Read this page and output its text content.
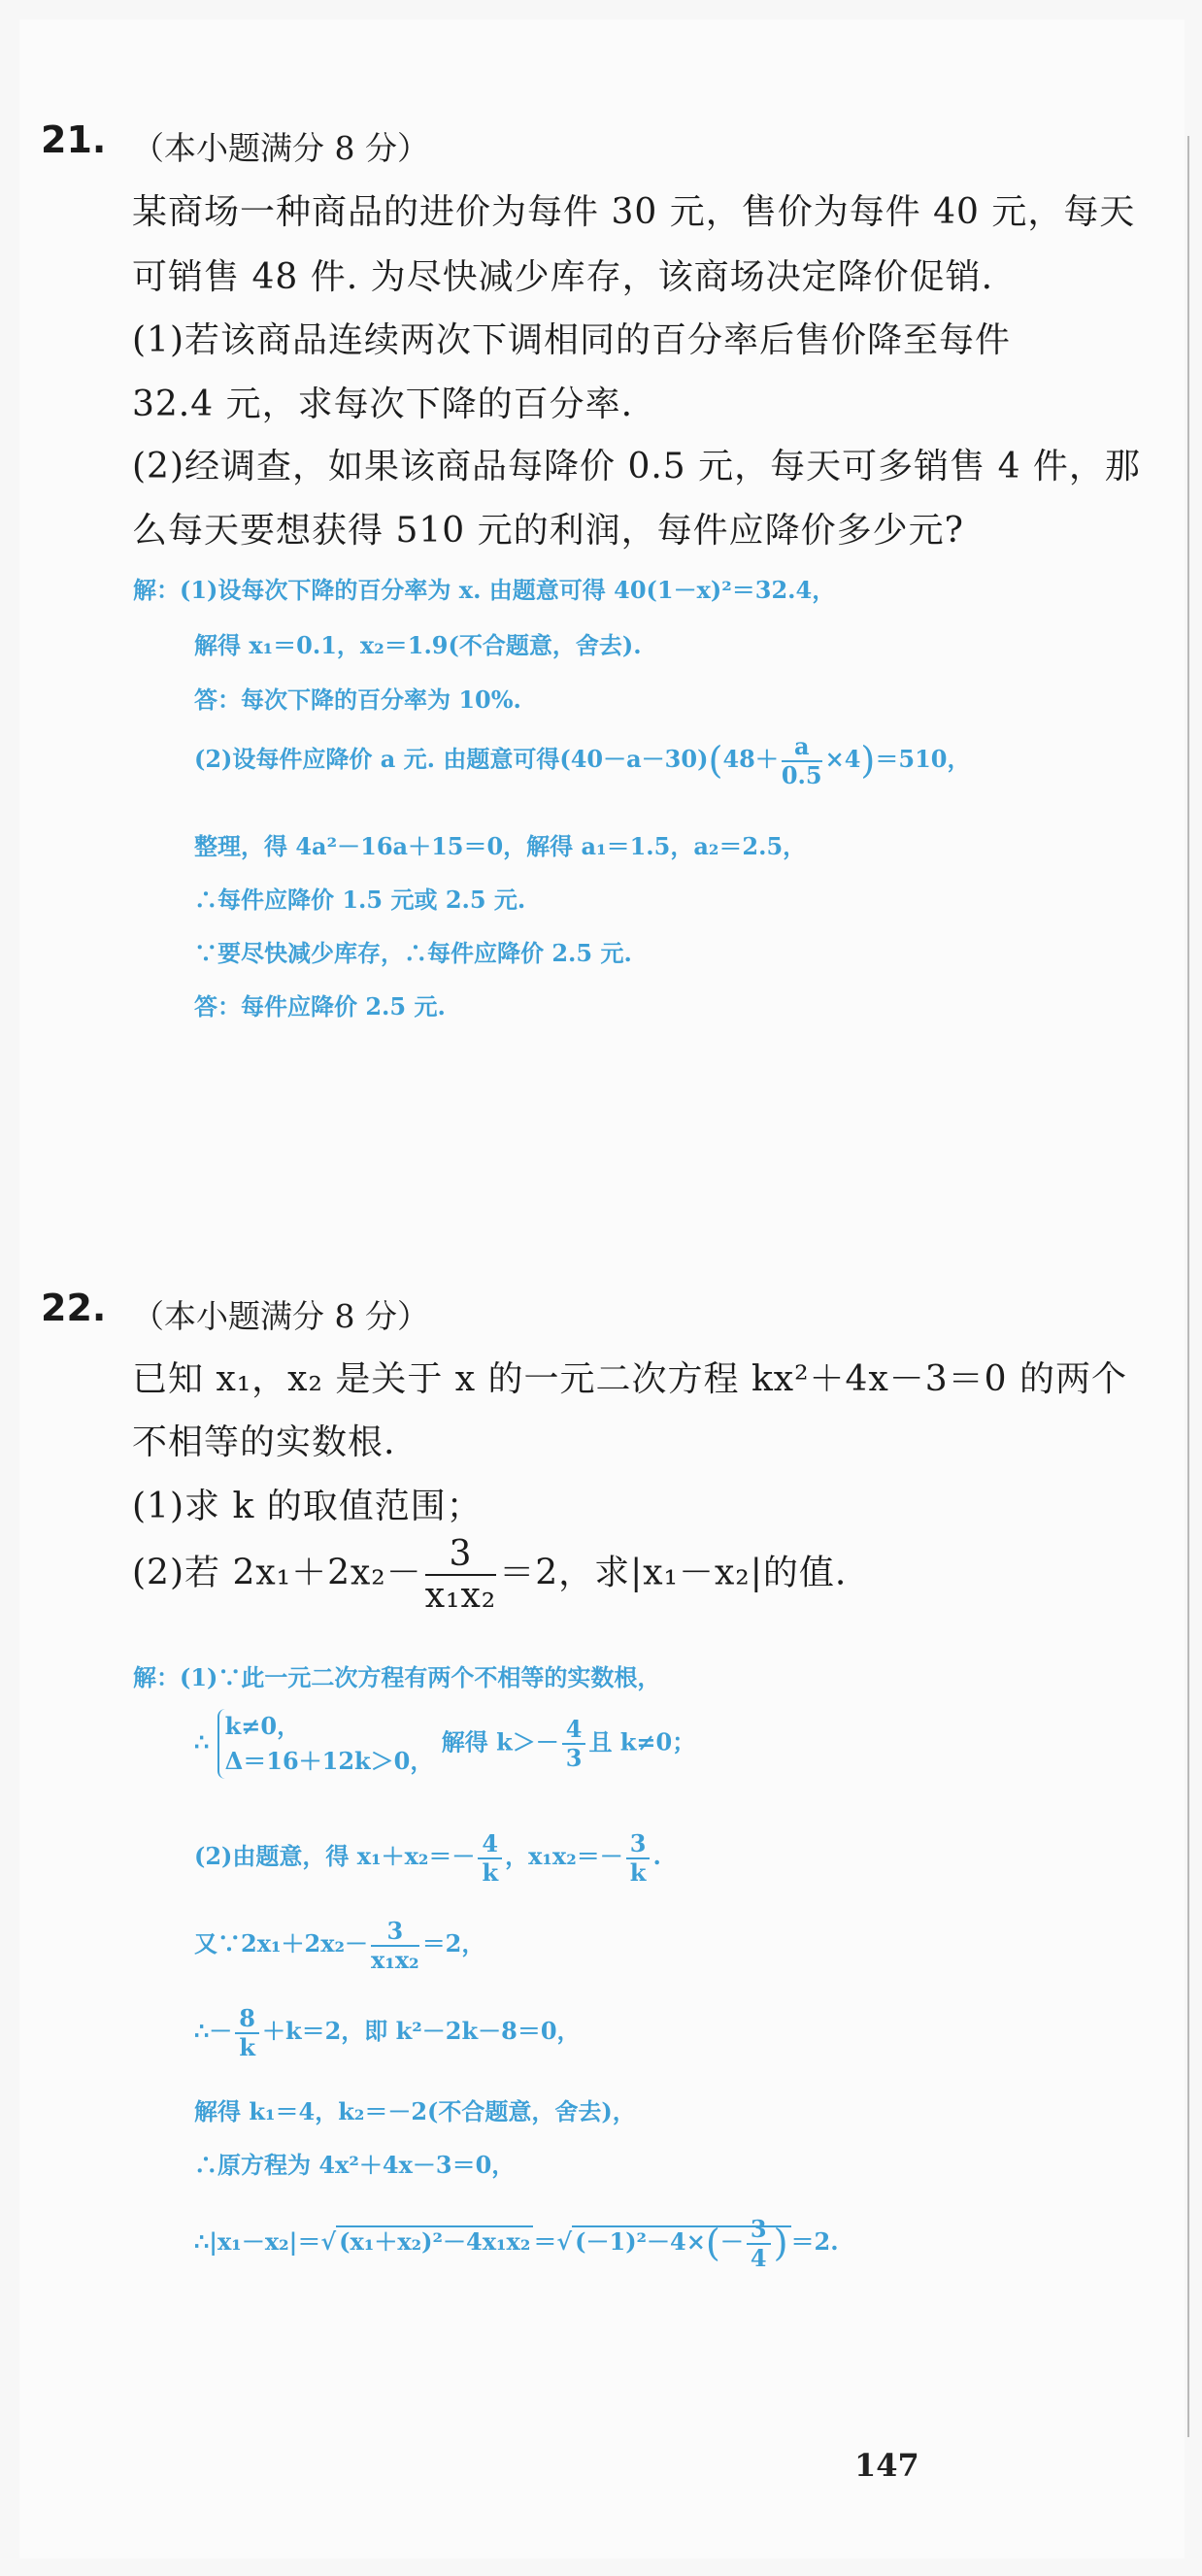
21. （本小题满分 8 分）
某商场一种商品的进价为每件 30 元，售价为每件 40 元，每天
可销售 48 件. 为尽快减少库存，该商场决定降价促销.
(1)若该商品连续两次下调相同的百分率后售价降至每件
32.4 元，求每次下降的百分率.
(2)经调查，如果该商品每降价 0.5 元，每天可多销售 4 件，那
么每天要想获得 510 元的利润，每件应降价多少元?
解：(1)设每次下降的百分率为 x. 由题意可得 40(1－x)²＝32.4，
解得 x₁＝0.1，x₂＝1.9(不合题意，舍去).
答：每次下降的百分率为 10%.
(2)设每件应降价 a 元. 由题意可得$(40-a-30)(48+ \frac{a}{0.5} \times 4)=510$，
整理，得 4a²－16a＋15＝0，解得 a₁＝1.5，a₂＝2.5，
∴每件应降价 1.5 元或 2.5 元.
∵要尽快减少库存，∴每件应降价 2.5 元.
答：每件应降价 2.5 元.
22. （本小题满分 8 分）
已知 x₁，x₂ 是关于 x 的一元二次方程 kx²＋4x－3＝0 的两个
不相等的实数根.
(1)求 k 的取值范围；
(2)若 $2x_1+2x_2- \frac{3}{\text{x₁x₂}} =2$，求|x₁－x₂|的值.
解：(1)∵此一元二次方程有两个不相等的实数根，
∴ k≠0，
Δ＝16＋12k＞0， 解得 $k>- \frac{4}{3}$ 且 k≠0；
(2)由题意，得 $x_1+x_2=- \frac{4}{k}$ ，$x_1x_2=- \frac{3}{k}$ .
又∵2x₁＋2x₂－ $\frac{3}{\text{x₁x₂}} =2$，
∴－ $\frac{8}{k} +k=2$，即 k²－2k－8＝0，
解得 k₁＝4，k₂＝－2(不合题意，舍去)，
∴原方程为 4x²＋4x－3＝0，
∴|x₁－x₂|＝√ (x₁＋x₂)²－4x₁x₂ ＝√ $(-1)^2-4\times(- \frac{3}{4}$ ) ＝2.
147
